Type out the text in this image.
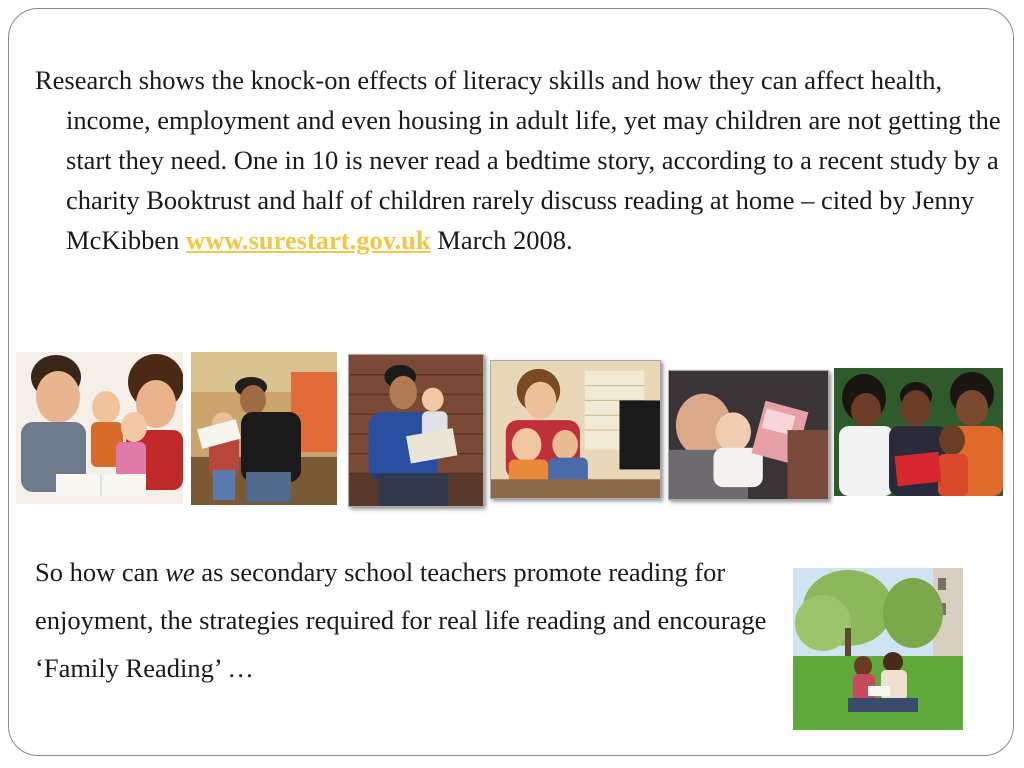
Research shows the knock-on effects of literacy skills and how they can affect health, income, employment and even housing in adult life, yet may children are not getting the start they need. One in 10 is never read a bedtime story, according to a recent study by a charity Booktrust and half of children rarely discuss reading at home – cited by Jenny McKibben www.surestart.gov.uk March 2008.

So how can we as secondary school teachers promote reading for enjoyment, the strategies required for real life reading and encourage ‘Family Reading’ …
